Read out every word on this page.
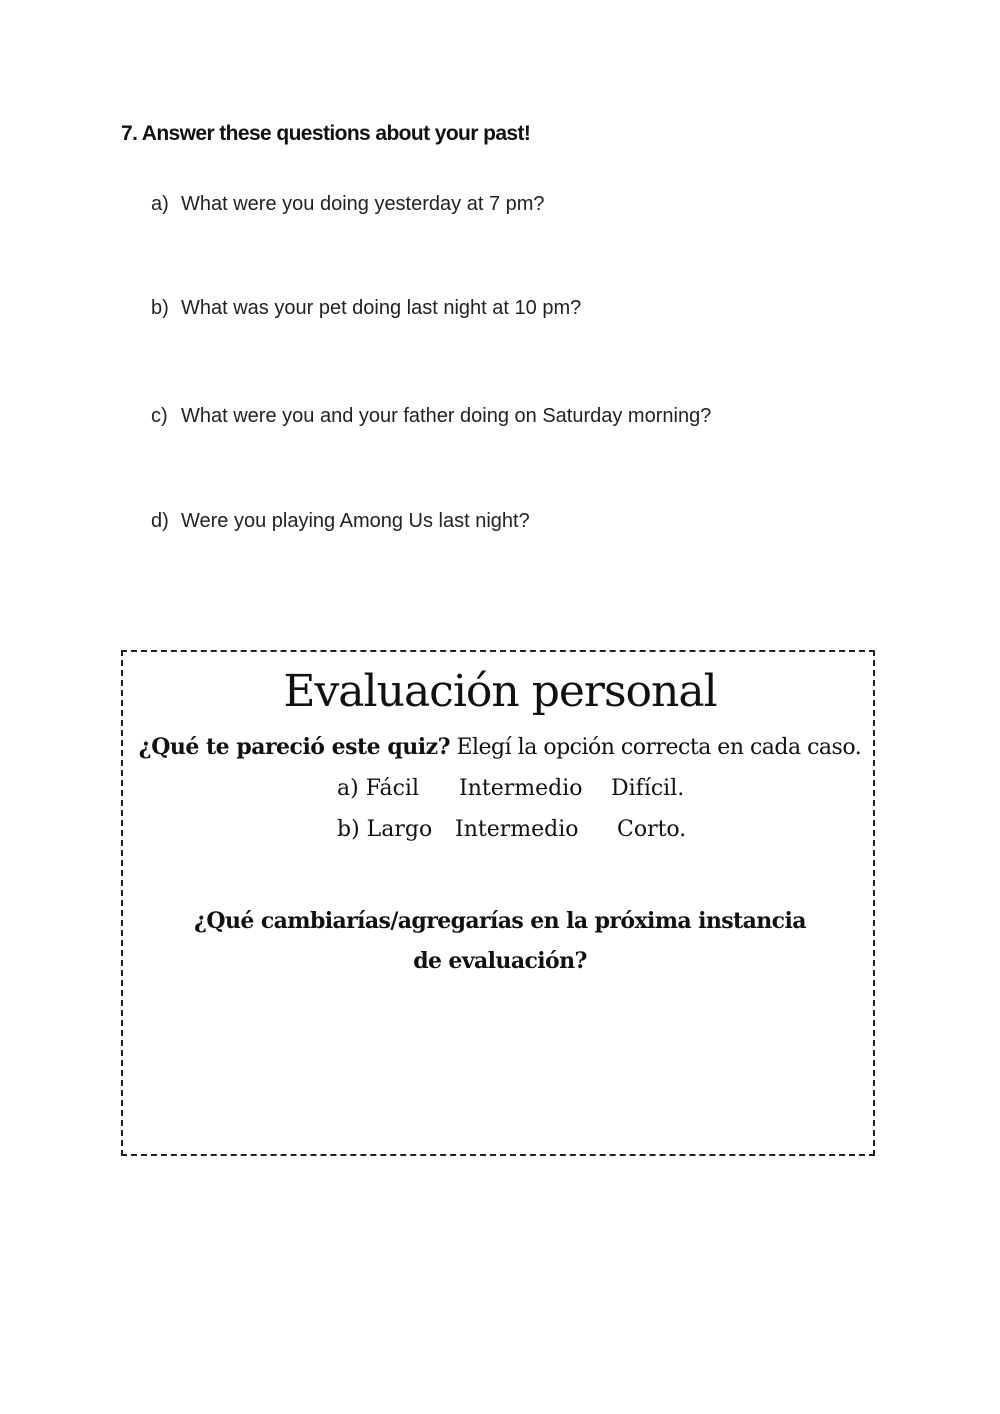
7. Answer these questions about your past!
a) What were you doing yesterday at 7 pm?
b) What was your pet doing last night at 10 pm?
c) What were you and your father doing on Saturday morning?
d) Were you playing Among Us last night?
Evaluación personal
¿Qué te pareció este quiz? Elegí la opción correcta en cada caso.
a) Fácil Intermedio Difícil.
b) Largo Intermedio Corto.
¿Qué cambiarías/agregarías en la próxima instancia de evaluación?
